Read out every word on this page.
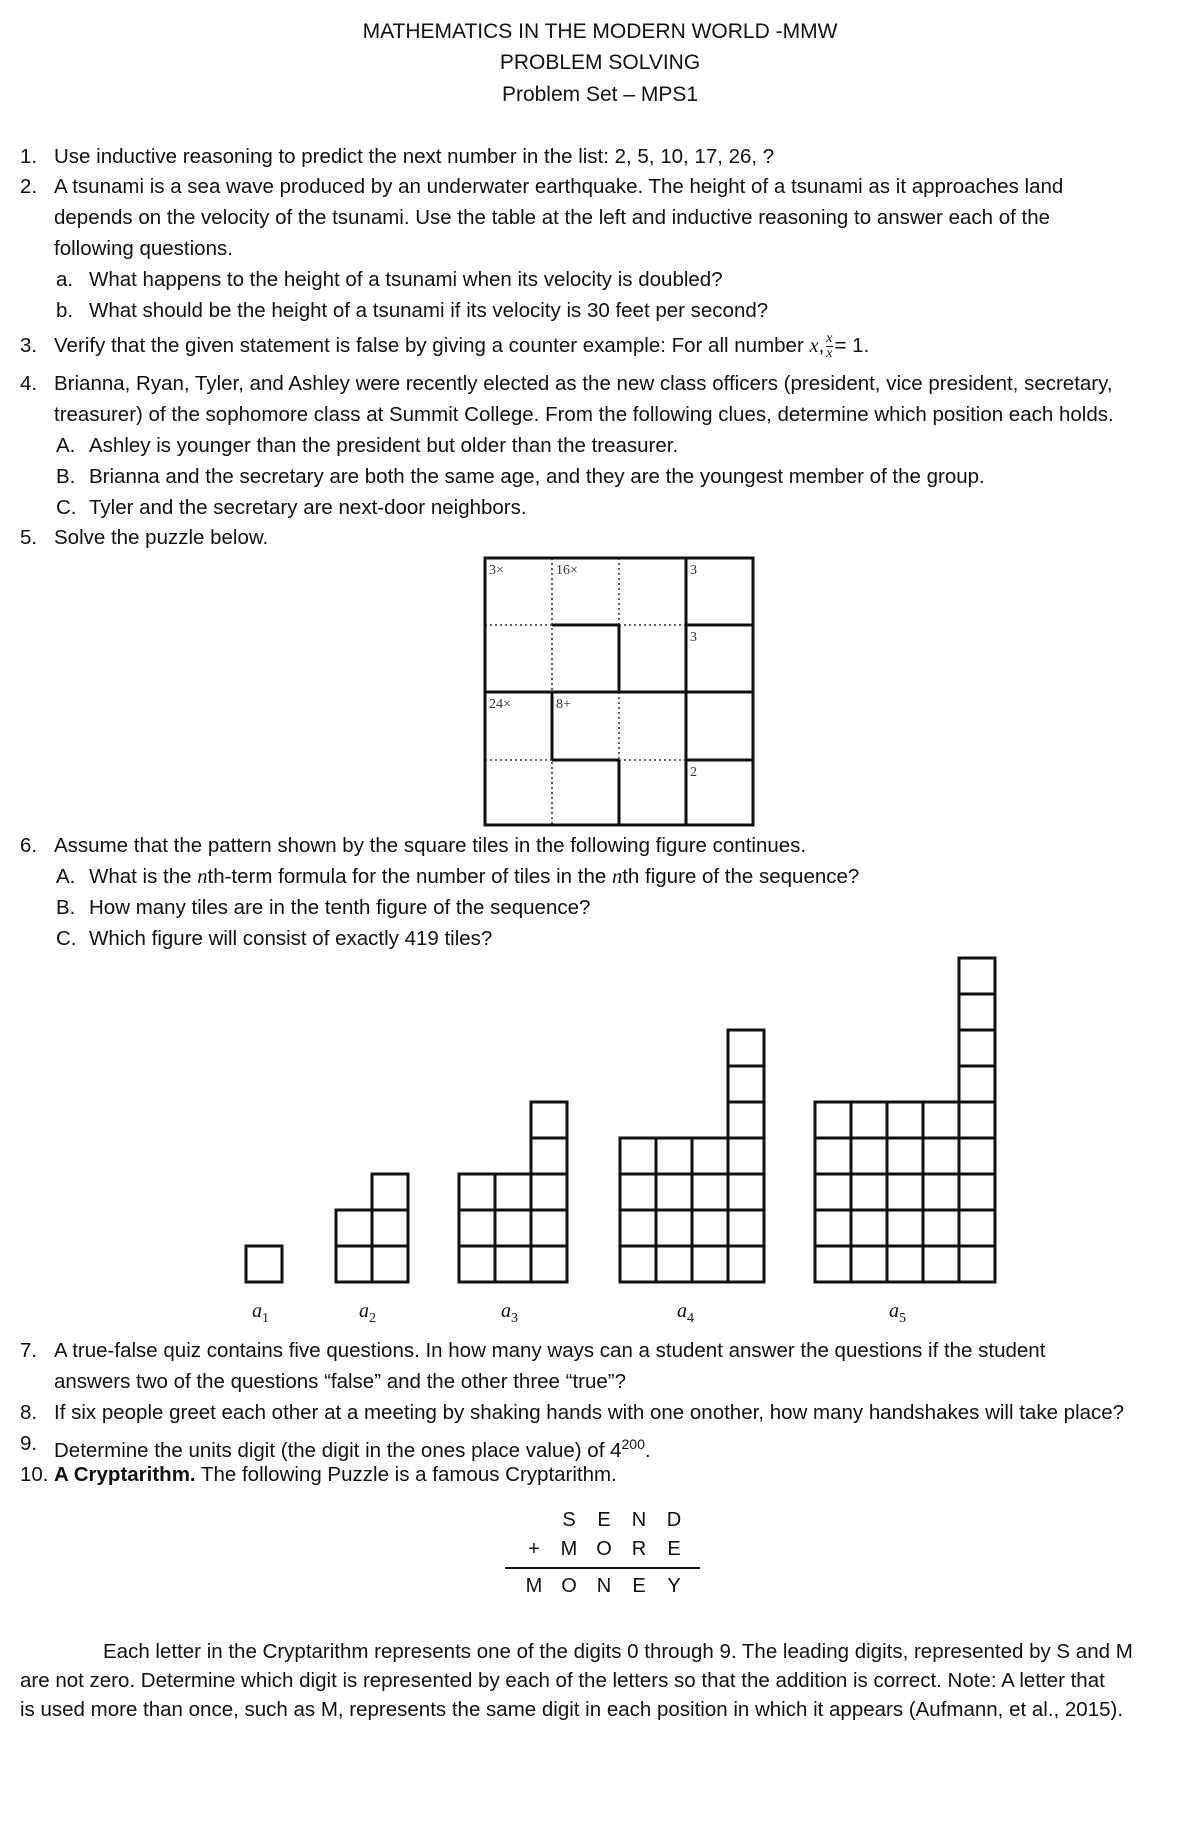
MATHEMATICS IN THE MODERN WORLD -MMW
PROBLEM SOLVING
Problem Set – MPS1
1. Use inductive reasoning to predict the next number in the list: 2, 5, 10, 17, 26, ?
2. A tsunami is a sea wave produced by an underwater earthquake. The height of a tsunami as it approaches land
depends on the velocity of the tsunami. Use the table at the left and inductive reasoning to answer each of the
following questions.
a. What happens to the height of a tsunami when its velocity is doubled?
b. What should be the height of a tsunami if its velocity is 30 feet per second?
3. Verify that the given statement is false by giving a counter example: For all number x, $\frac{x}{x} = 1$.
4. Brianna, Ryan, Tyler, and Ashley were recently elected as the new class officers (president, vice president, secretary,
treasurer) of the sophomore class at Summit College. From the following clues, determine which position each holds.
A. Ashley is younger than the president but older than the treasurer.
B. Brianna and the secretary are both the same age, and they are the youngest member of the group.
C. Tyler and the secretary are next-door neighbors.
5. Solve the puzzle below.
3×	16×	3
3
24×	8+
2
6. Assume that the pattern shown by the square tiles in the following figure continues.
A. What is the nth-term formula for the number of tiles in the nth figure of the sequence?
B. How many tiles are in the tenth figure of the sequence?
C. Which figure will consist of exactly 419 tiles?
$a_1$	$a_2$	$a_3$	$a_4$	$a_5$
7. A true-false quiz contains five questions. In how many ways can a student answer the questions if the student
answers two of the questions “false” and the other three “true”?
8. If six people greet each other at a meeting by shaking hands with one onother, how many handshakes will take place?
9. Determine the units digit (the digit in the ones place value) of $4^{200}$.
10. A Cryptarithm. The following Puzzle is a famous Cryptarithm.
S	E	N	D
+	M O R	E
M O N	E	Y
Each letter in the Cryptarithm represents one of the digits 0 through 9. The leading digits, represented by S and M
are not zero. Determine which digit is represented by each of the letters so that the addition is correct. Note: A letter that
is used more than once, such as M, represents the same digit in each position in which it appears (Aufmann, et al., 2015).
